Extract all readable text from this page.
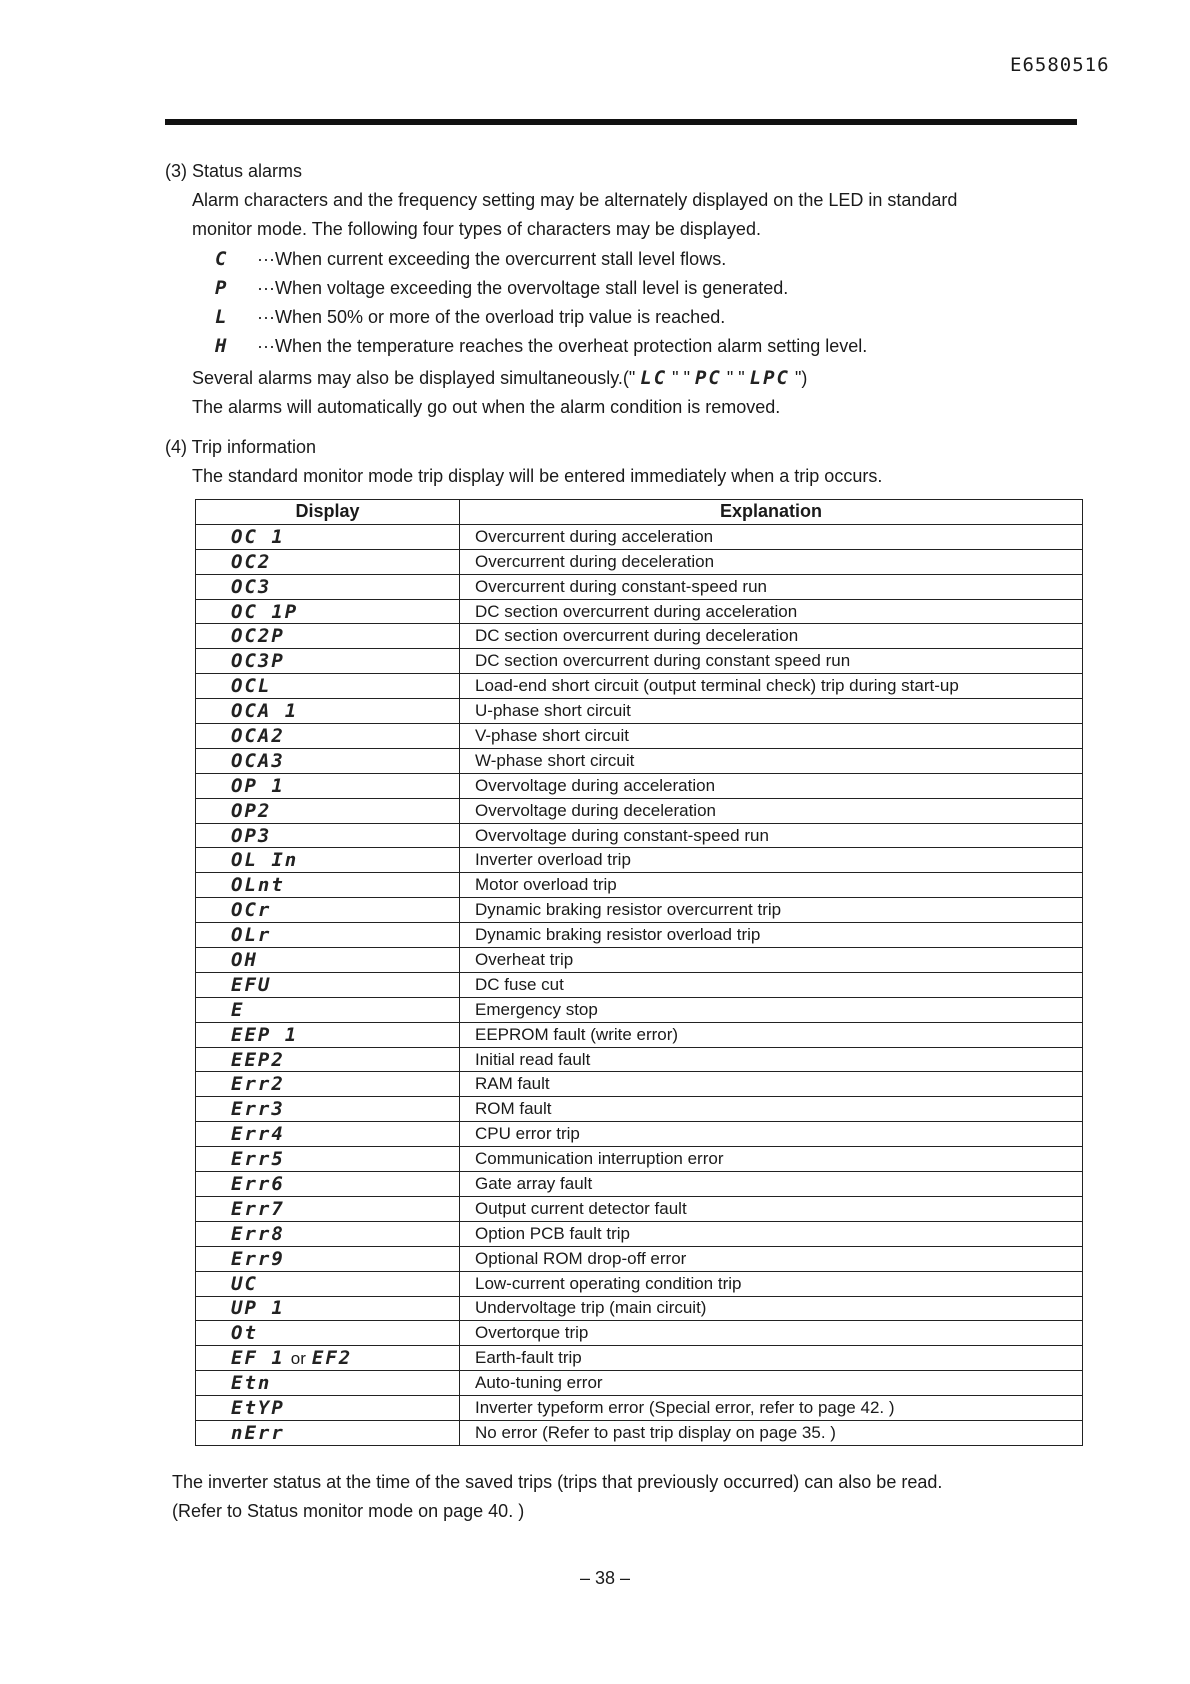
E6580516
(3) Status alarms
Alarm characters and the frequency setting may be alternately displayed on the LED in standard
monitor mode. The following four types of characters may be displayed.
C ···When current exceeding the overcurrent stall level flows.
P ···When voltage exceeding the overvoltage stall level is generated.
L ···When 50% or more of the overload trip value is reached.
H ···When the temperature reaches the overheat protection alarm setting level.
Several alarms may also be displayed simultaneously.(" LC " " PC " " LPC ")
The alarms will automatically go out when the alarm condition is removed.
(4) Trip information
The standard monitor mode trip display will be entered immediately when a trip occurs.
Display	Explanation
OC 1	Overcurrent during acceleration
OC2	Overcurrent during deceleration
OC3	Overcurrent during constant-speed run
OC 1P	DC section overcurrent during acceleration
OC2P	DC section overcurrent during deceleration
OC3P	DC section overcurrent during constant speed run
OCL	Load-end short circuit (output terminal check) trip during start-up
OCA 1	U-phase short circuit
OCA2	V-phase short circuit
OCA3	W-phase short circuit
OP 1	Overvoltage during acceleration
OP2	Overvoltage during deceleration
OP3	Overvoltage during constant-speed run
OL In	Inverter overload trip
OLnt	Motor overload trip
OCr	Dynamic braking resistor overcurrent trip
OLr	Dynamic braking resistor overload trip
OH	Overheat trip
EFU	DC fuse cut
E	Emergency stop
EEP 1	EEPROM fault (write error)
EEP2	Initial read fault
Err2	RAM fault
Err3	ROM fault
Err4	CPU error trip
Err5	Communication interruption error
Err6	Gate array fault
Err7	Output current detector fault
Err8	Option PCB fault trip
Err9	Optional ROM drop-off error
UC	Low-current operating condition trip
UP 1	Undervoltage trip (main circuit)
Ot	Overtorque trip
EF 1 or EF2	Earth-fault trip
Etn	Auto-tuning error
EtYP	Inverter typeform error (Special error, refer to page 42. )
nErr	No error (Refer to past trip display on page 35. )
The inverter status at the time of the saved trips (trips that previously occurred) can also be read.
(Refer to Status monitor mode on page 40. )
– 38 –
